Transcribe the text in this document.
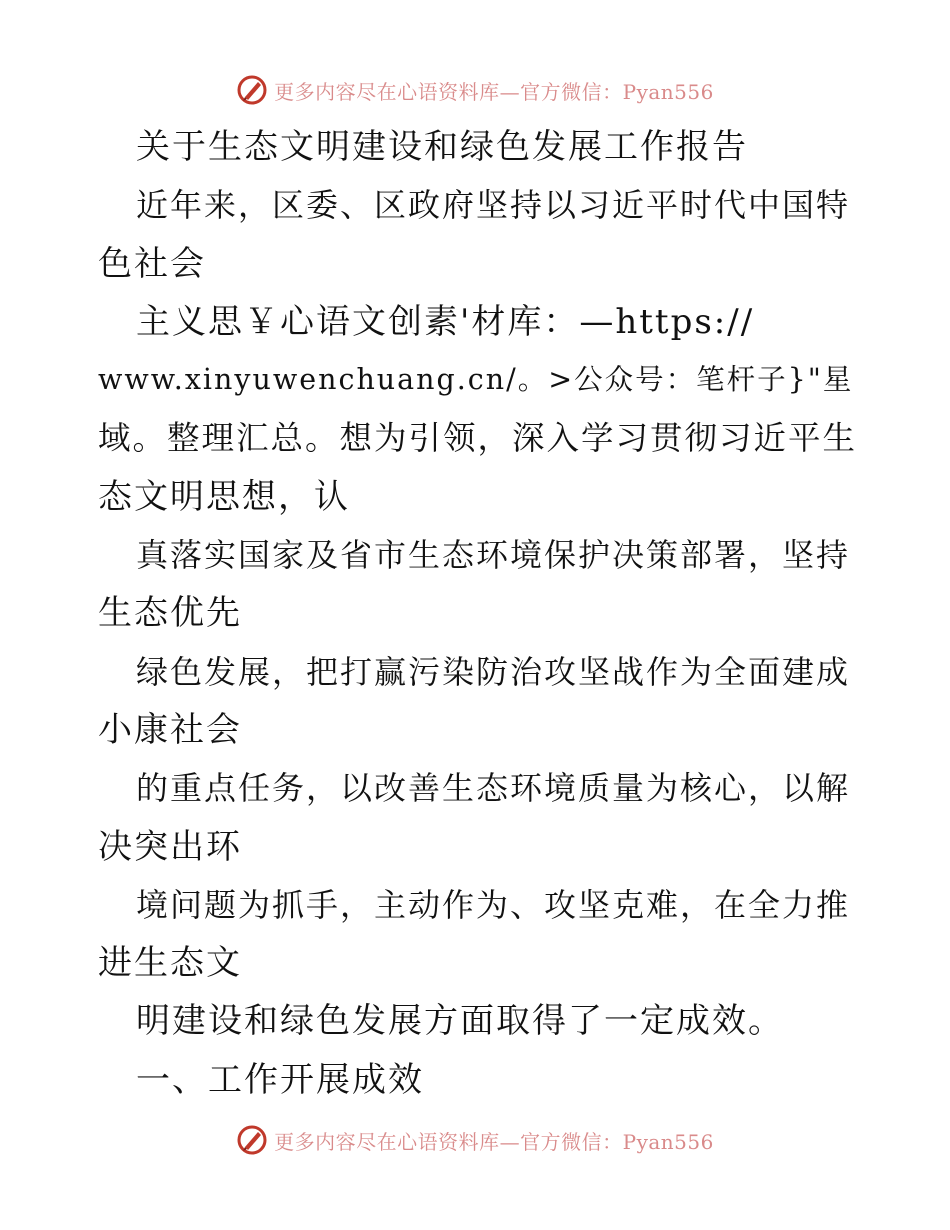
更多内容尽在心语资料库—官方微信：Pyan556
关于生态文明建设和绿色发展工作报告
近年来，区委、区政府坚持以习近平时代中国特
色社会
主义思￥心语文创素'材库：—https://
www.xinyuwenchuang.cn/。>公众号：笔杆子}"星
域。整理汇总。想为引领，深入学习贯彻习近平生
态文明思想，认
真落实国家及省市生态环境保护决策部署，坚持
生态优先
绿色发展，把打赢污染防治攻坚战作为全面建成
小康社会
的重点任务，以改善生态环境质量为核心，以解
决突出环
境问题为抓手，主动作为、攻坚克难，在全力推
进生态文
明建设和绿色发展方面取得了一定成效。
一、工作开展成效
更多内容尽在心语资料库—官方微信：Pyan556
